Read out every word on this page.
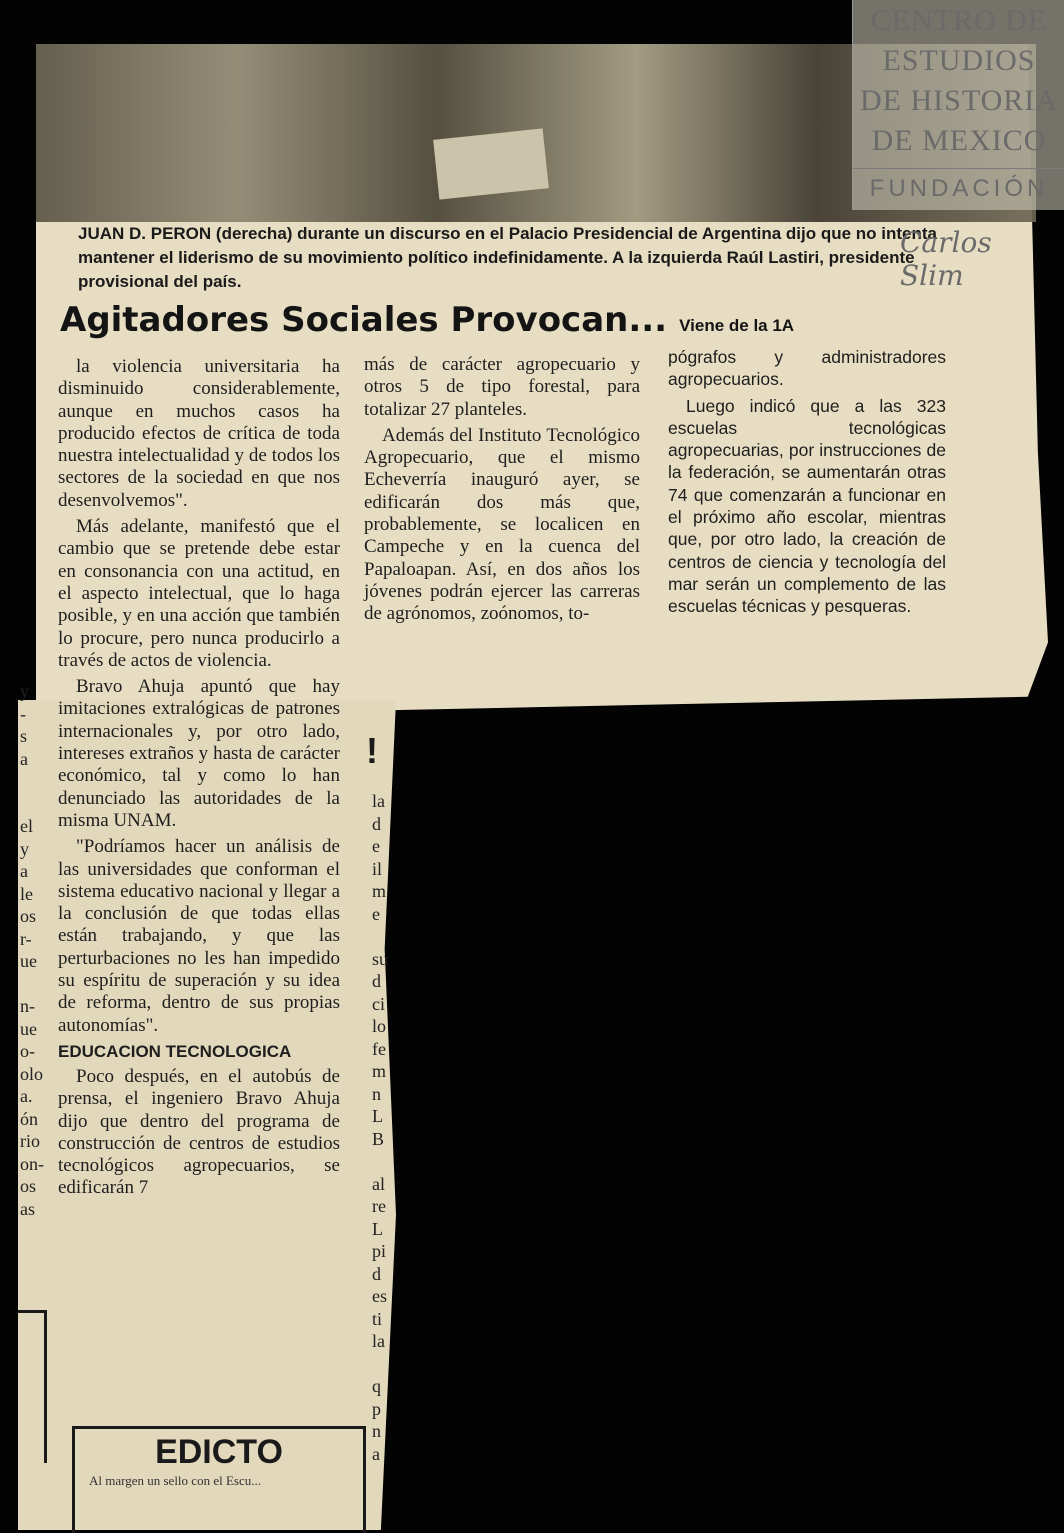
JUAN D. PERON (derecha) durante un discurso en el Palacio Presidencial de Argentina dijo que no intenta mantener el liderismo de su movimiento político indefinidamente. A la izquierda Raúl Lastiri, presidente provisional del país.
Agitadores Sociales Provocan... Viene de la 1A

la violencia universitaria ha disminuido considerablemente, aunque en muchos casos ha producido efectos de crítica de toda nuestra intelectualidad y de todos los sectores de la sociedad en que nos desenvolvemos".

Más adelante, manifestó que el cambio que se pretende debe estar en consonancia con una actitud, en el aspecto intelectual, que lo haga posible, y en una acción que también lo procure, pero nunca producirlo a través de actos de violencia.

Bravo Ahuja apuntó que hay imitaciones extralógicas de patrones internacionales y, por otro lado, intereses extraños y hasta de carácter económico, tal y como lo han denunciado las autoridades de la misma UNAM.

"Podríamos hacer un análisis de las universidades que conforman el sistema educativo nacional y llegar a la conclusión de que todas ellas están trabajando, y que las perturbaciones no les han impedido su espíritu de superación y su idea de reforma, dentro de sus propias autonomías".

EDUCACION TECNOLOGICA

Poco después, en el autobús de prensa, el ingeniero Bravo Ahuja dijo que dentro del programa de construcción de centros de estudios tecnológicos agropecuarios, se edificarán 7

más de carácter agropecuario y otros 5 de tipo forestal, para totalizar 27 planteles.

Además del Instituto Tecnológico Agropecuario, que el mismo Echeverría inauguró ayer, se edificarán dos más que, probablemente, se localicen en Campeche y en la cuenca del Papaloapan. Así, en dos años los jóvenes podrán ejercer las carreras de agrónomos, zoónomos, to-

pógrafos y administradores agropecuarios.

Luego indicó que a las 323 escuelas tecnológicas agropecuarias, por instrucciones de la federación, se aumentarán otras 74 que comenzarán a funcionar en el próximo año escolar, mientras que, por otro lado, la creación de centros de ciencia y tecnología del mar serán un complemento de las escuelas técnicas y pesqueras.

EDICTO
Al margen un sello con el Escu...
y
-
s
a
el
y
a
le
os
r-
ue
n-
ue
o-
olo
a.
ón
rio
on-
os
as
la
d
e
il
m
e
su
d
ci
lo
fe
m
n
L
B
al
re
L
pi
d
es
ti
la
q
p
n
a
!
FUNDACIÓN
CENTRO DE
ESTUDIOS
DE HISTORIA
DE MEXICO
Carlos Slim
